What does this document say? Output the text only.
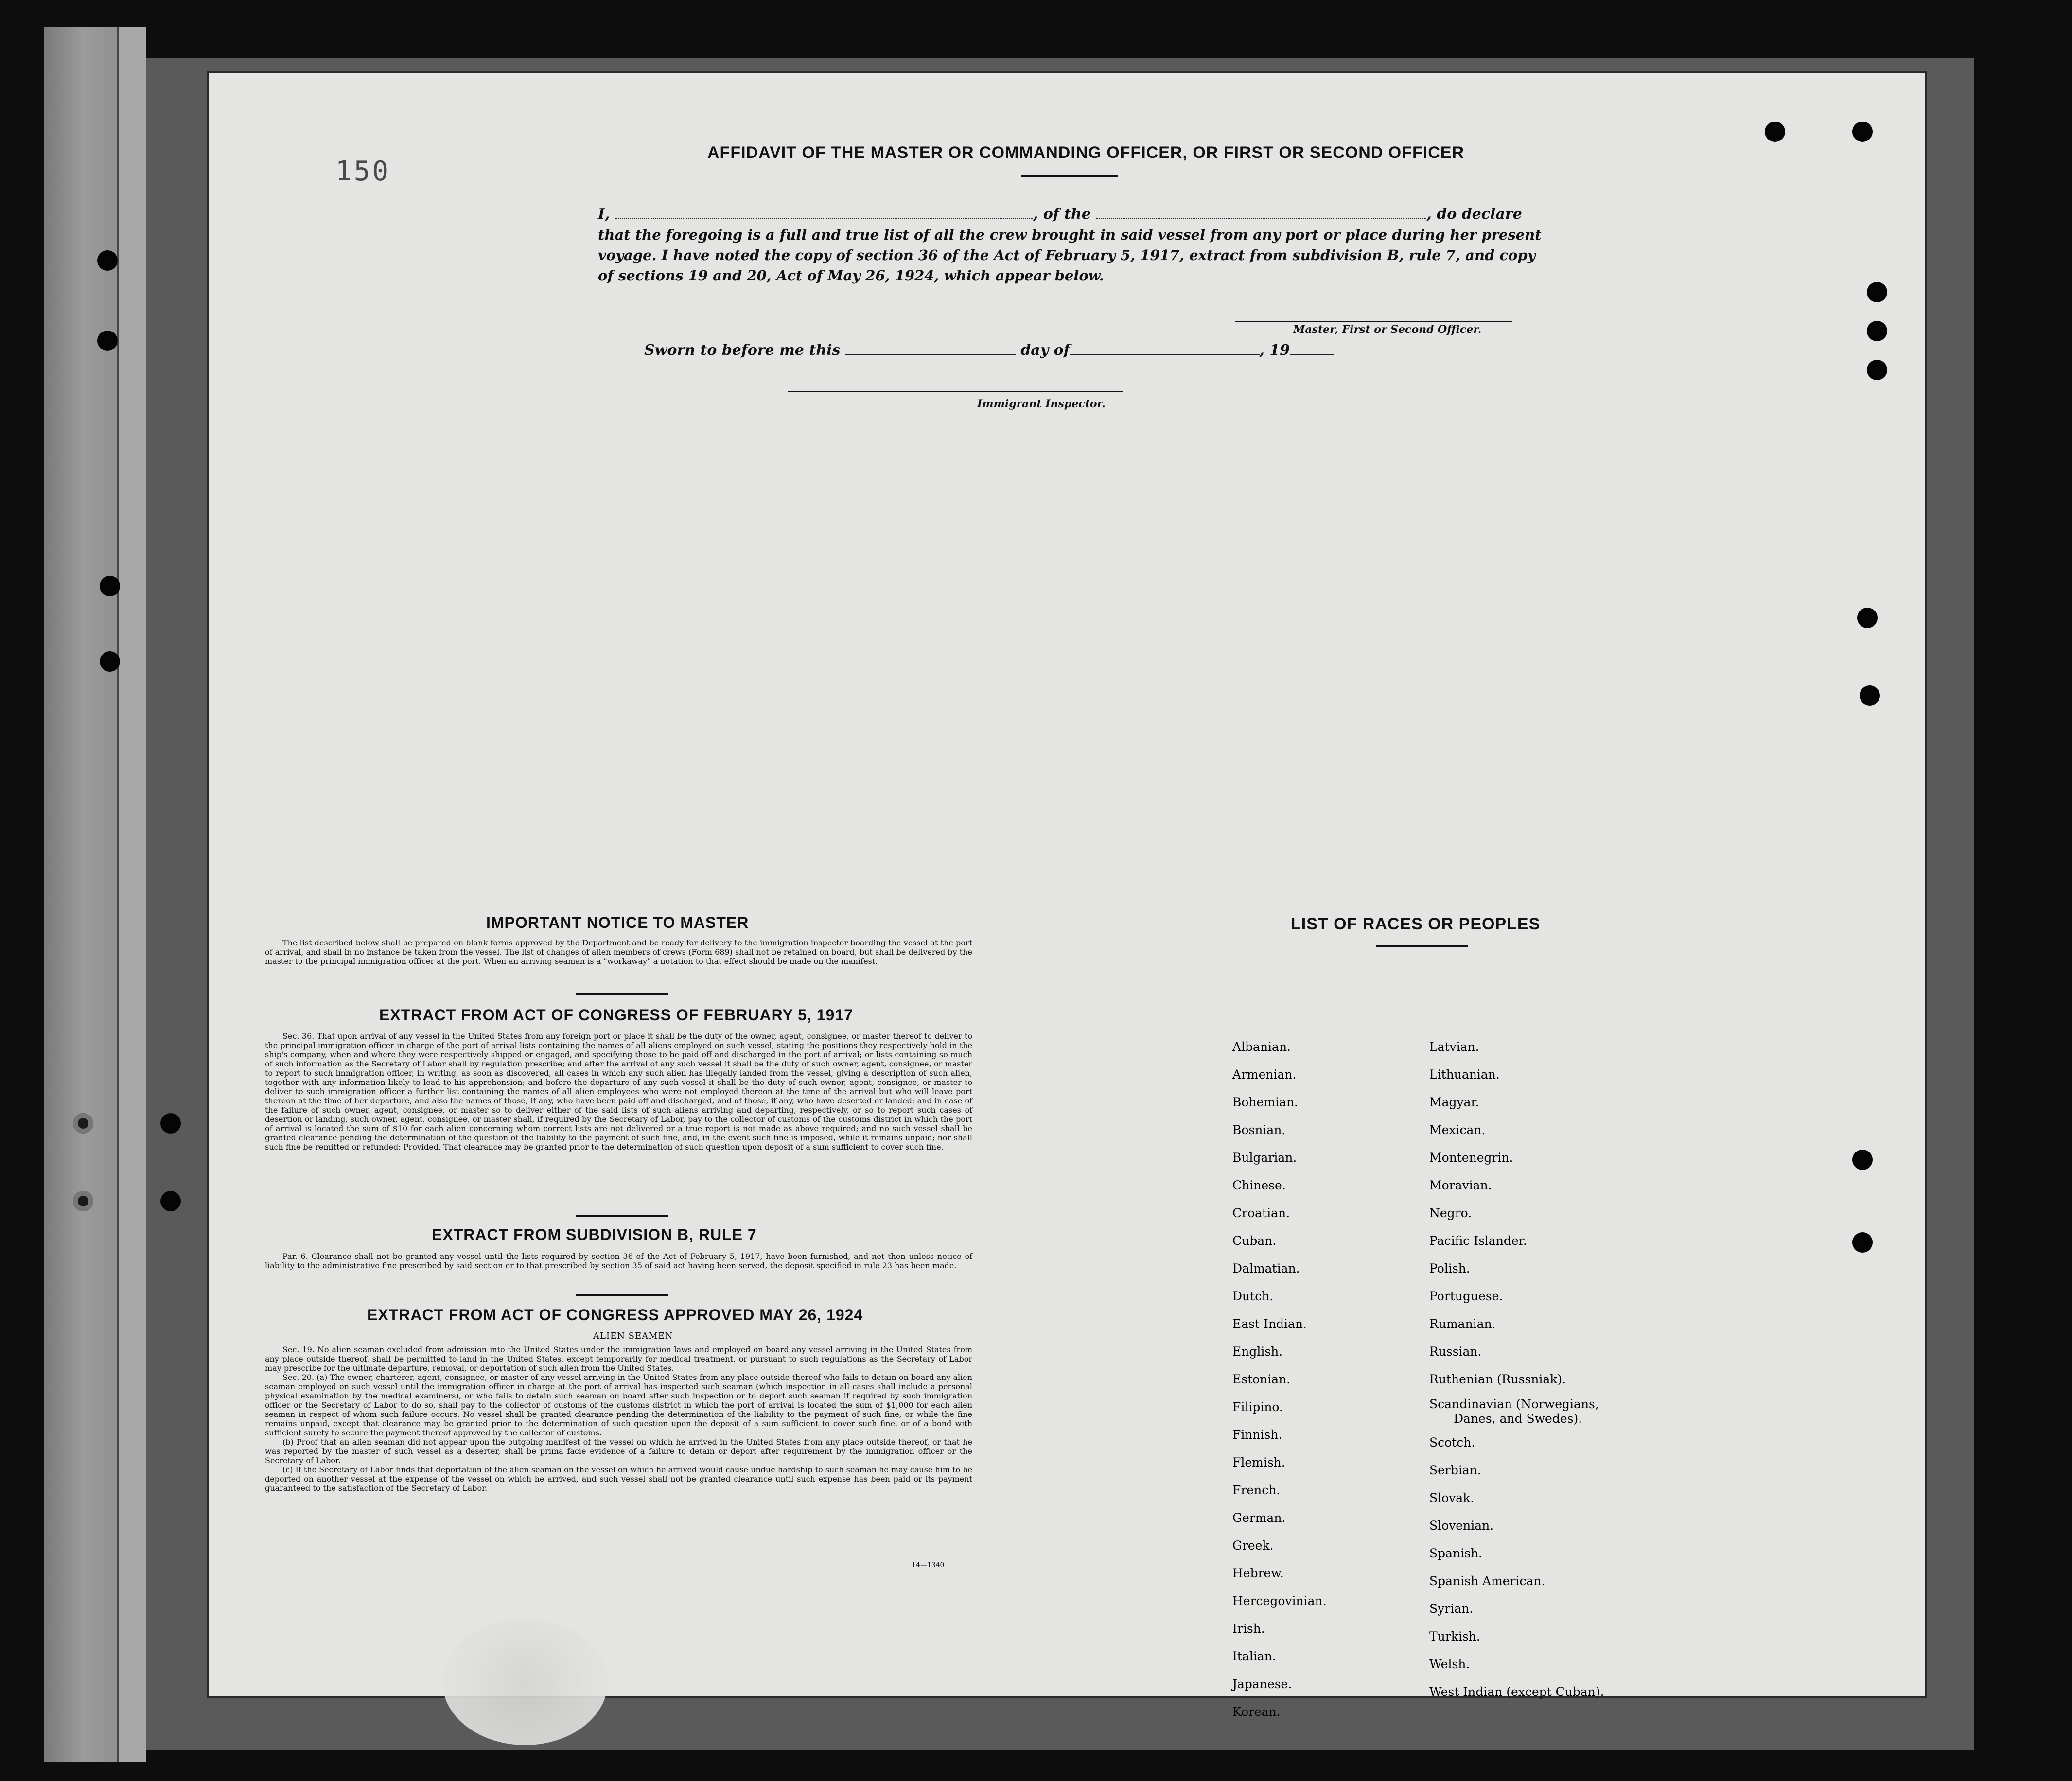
AFFIDAVIT OF THE MASTER OR COMMANDING OFFICER, OR FIRST OR SECOND OFFICER
I,	, of the	, do declare
that the foregoing is a full and true list of all the crew brought in said vessel from any port or place during her present
voyage. I have noted the copy of section 36 of the Act of February 5, 1917, extract from subdivision B, rule 7, and copy
of sections 19 and 20, Act of May 26, 1924, which appear below.
Master, First or Second Officer.
Sworn to before me this	day of	, 19
Immigrant Inspector.
IMPORTANT NOTICE TO MASTER

The list described below shall be prepared on blank forms approved by the Department and be ready for delivery to the immigration inspector boarding the vessel at the port of arrival, and shall in no instance be taken from the vessel. The list of changes of alien members of crews (Form 689) shall not be retained on board, but shall be delivered by the master to the principal immigration officer at the port. When an arriving seaman is a "workaway" a notation to that effect should be made on the manifest.

EXTRACT FROM ACT OF CONGRESS OF FEBRUARY 5, 1917

Sec. 36. That upon arrival of any vessel in the United States from any foreign port or place it shall be the duty of the owner, agent, consignee, or master thereof to deliver to the principal immigration officer in charge of the port of arrival lists containing the names of all aliens employed on such vessel, stating the positions they respectively hold in the ship's company, when and where they were respectively shipped or engaged, and specifying those to be paid off and discharged in the port of arrival; or lists containing so much of such information as the Secretary of Labor shall by regulation prescribe; and after the arrival of any such vessel it shall be the duty of such owner, agent, consignee, or master to report to such immigration officer, in writing, as soon as discovered, all cases in which any such alien has illegally landed from the vessel, giving a description of such alien, together with any information likely to lead to his apprehension; and before the departure of any such vessel it shall be the duty of such owner, agent, consignee, or master to deliver to such immigration officer a further list containing the names of all alien employees who were not employed thereon at the time of the arrival but who will leave port thereon at the time of her departure, and also the names of those, if any, who have been paid off and discharged, and of those, if any, who have deserted or landed; and in case of the failure of such owner, agent, consignee, or master so to deliver either of the said lists of such aliens arriving and departing, respectively, or so to report such cases of desertion or landing, such owner, agent, consignee, or master shall, if required by the Secretary of Labor, pay to the collector of customs of the customs district in which the port of arrival is located the sum of $10 for each alien concerning whom correct lists are not delivered or a true report is not made as above required; and no such vessel shall be granted clearance pending the determination of the question of the liability to the payment of such fine, and, in the event such fine is imposed, while it remains unpaid; nor shall such fine be remitted or refunded: Provided, That clearance may be granted prior to the determination of such question upon deposit of a sum sufficient to cover such fine.

EXTRACT FROM SUBDIVISION B, RULE 7

Par. 6. Clearance shall not be granted any vessel until the lists required by section 36 of the Act of February 5, 1917, have been furnished, and not then unless notice of liability to the administrative fine prescribed by said section or to that prescribed by section 35 of said act having been served, the deposit specified in rule 23 has been made.

EXTRACT FROM ACT OF CONGRESS APPROVED MAY 26, 1924
ALIEN SEAMEN

Sec. 19. No alien seaman excluded from admission into the United States under the immigration laws and employed on board any vessel arriving in the United States from any place outside thereof, shall be permitted to land in the United States, except temporarily for medical treatment, or pursuant to such regulations as the Secretary of Labor may prescribe for the ultimate departure, removal, or deportation of such alien from the United States.

Sec. 20. (a) The owner, charterer, agent, consignee, or master of any vessel arriving in the United States from any place outside thereof who fails to detain on board any alien seaman employed on such vessel until the immigration officer in charge at the port of arrival has inspected such seaman (which inspection in all cases shall include a personal physical examination by the medical examiners), or who fails to detain such seaman on board after such inspection or to deport such seaman if required by such immigration officer or the Secretary of Labor to do so, shall pay to the collector of customs of the customs district in which the port of arrival is located the sum of $1,000 for each alien seaman in respect of whom such failure occurs. No vessel shall be granted clearance pending the determination of the liability to the payment of such fine, or while the fine remains unpaid, except that clearance may be granted prior to the determination of such question upon the deposit of a sum sufficient to cover such fine, or of a bond with sufficient surety to secure the payment thereof approved by the collector of customs.

(b) Proof that an alien seaman did not appear upon the outgoing manifest of the vessel on which he arrived in the United States from any place outside thereof, or that he was reported by the master of such vessel as a deserter, shall be prima facie evidence of a failure to detain or deport after requirement by the immigration officer or the Secretary of Labor.

(c) If the Secretary of Labor finds that deportation of the alien seaman on the vessel on which he arrived would cause undue hardship to such seaman he may cause him to be deported on another vessel at the expense of the vessel on which he arrived, and such vessel shall not be granted clearance until such expense has been paid or its payment guaranteed to the satisfaction of the Secretary of Labor.

14—1340
LIST OF RACES OR PEOPLES
Albanian.
Armenian.
Bohemian.
Bosnian.
Bulgarian.
Chinese.
Croatian.
Cuban.
Dalmatian.
Dutch.
East Indian.
English.
Estonian.
Filipino.
Finnish.
Flemish.
French.
German.
Greek.
Hebrew.
Hercegovinian.
Irish.
Italian.
Japanese.
Korean.
Latvian.
Lithuanian.
Magyar.
Mexican.
Montenegrin.
Moravian.
Negro.
Pacific Islander.
Polish.
Portuguese.
Rumanian.
Russian.
Ruthenian (Russniak).
Scandinavian (Norwegians,
Danes, and Swedes).
Scotch.
Serbian.
Slovak.
Slovenian.
Spanish.
Spanish American.
Syrian.
Turkish.
Welsh.
West Indian (except Cuban).
150
